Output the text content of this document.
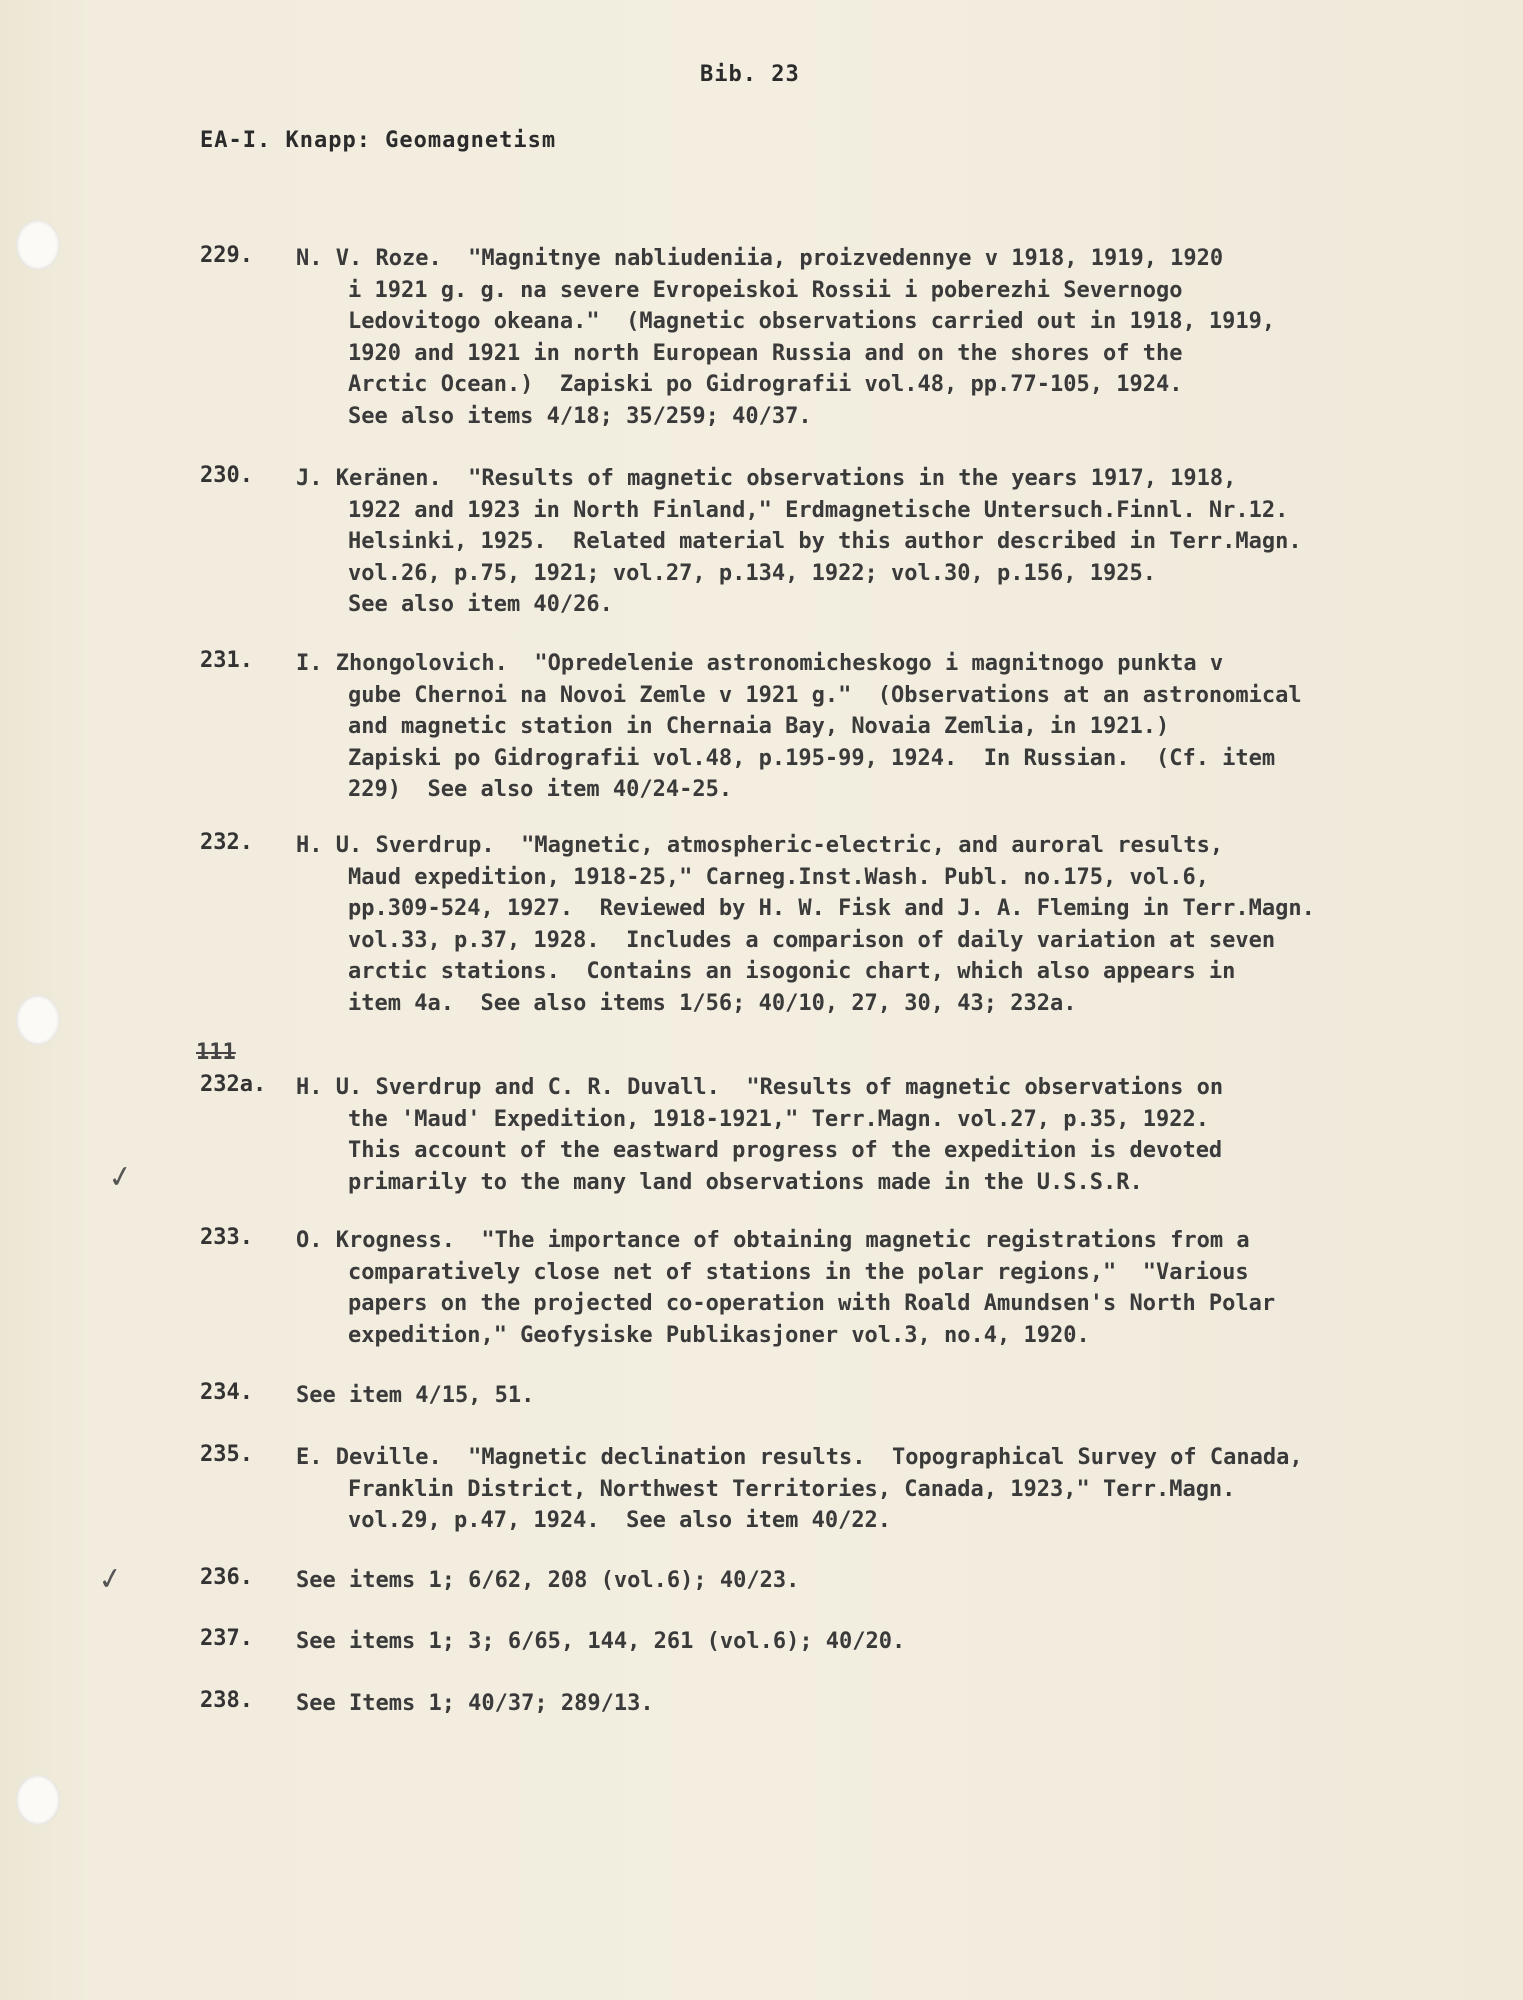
Bib. 23
EA-I. Knapp: Geomagnetism
229. N. V. Roze.  "Magnitnye nabliudeniia, proizvedennye v 1918, 1919, 1920
i 1921 g. g. na severe Evropeiskoi Rossii i poberezhi Severnogo
Ledovitogo okeana."  (Magnetic observations carried out in 1918, 1919,
1920 and 1921 in north European Russia and on the shores of the
Arctic Ocean.)  Zapiski po Gidrografii vol.48, pp.77-105, 1924.
See also items 4/18; 35/259; 40/37.
230. J. Keränen.  "Results of magnetic observations in the years 1917, 1918,
1922 and 1923 in North Finland," Erdmagnetische Untersuch.Finnl. Nr.12.
Helsinki, 1925.  Related material by this author described in Terr.Magn.
vol.26, p.75, 1921; vol.27, p.134, 1922; vol.30, p.156, 1925.
See also item 40/26.
231. I. Zhongolovich.  "Opredelenie astronomicheskogo i magnitnogo punkta v
gube Chernoi na Novoi Zemle v 1921 g."  (Observations at an astronomical
and magnetic station in Chernaia Bay, Novaia Zemlia, in 1921.)
Zapiski po Gidrografii vol.48, p.195-99, 1924.  In Russian.  (Cf. item
229)  See also item 40/24-25.
232. H. U. Sverdrup.  "Magnetic, atmospheric-electric, and auroral results,
Maud expedition, 1918-25," Carneg.Inst.Wash. Publ. no.175, vol.6,
pp.309-524, 1927.  Reviewed by H. W. Fisk and J. A. Fleming in Terr.Magn.
vol.33, p.37, 1928.  Includes a comparison of daily variation at seven
arctic stations.  Contains an isogonic chart, which also appears in
item 4a.  See also items 1/56; 40/10, 27, 30, 43; 232a.
111
232a. H. U. Sverdrup and C. R. Duvall.  "Results of magnetic observations on
the 'Maud' Expedition, 1918-1921," Terr.Magn. vol.27, p.35, 1922.
This account of the eastward progress of the expedition is devoted
primarily to the many land observations made in the U.S.S.R.
✓
233. O. Krogness.  "The importance of obtaining magnetic registrations from a
comparatively close net of stations in the polar regions,"  "Various
papers on the projected co-operation with Roald Amundsen's North Polar
expedition," Geofysiske Publikasjoner vol.3, no.4, 1920.
234. See item 4/15, 51.
235. E. Deville.  "Magnetic declination results.  Topographical Survey of Canada,
Franklin District, Northwest Territories, Canada, 1923," Terr.Magn.
vol.29, p.47, 1924.  See also item 40/22.
236. See items 1; 6/62, 208 (vol.6); 40/23.
✓
237. See items 1; 3; 6/65, 144, 261 (vol.6); 40/20.
238. See Items 1; 40/37; 289/13.
